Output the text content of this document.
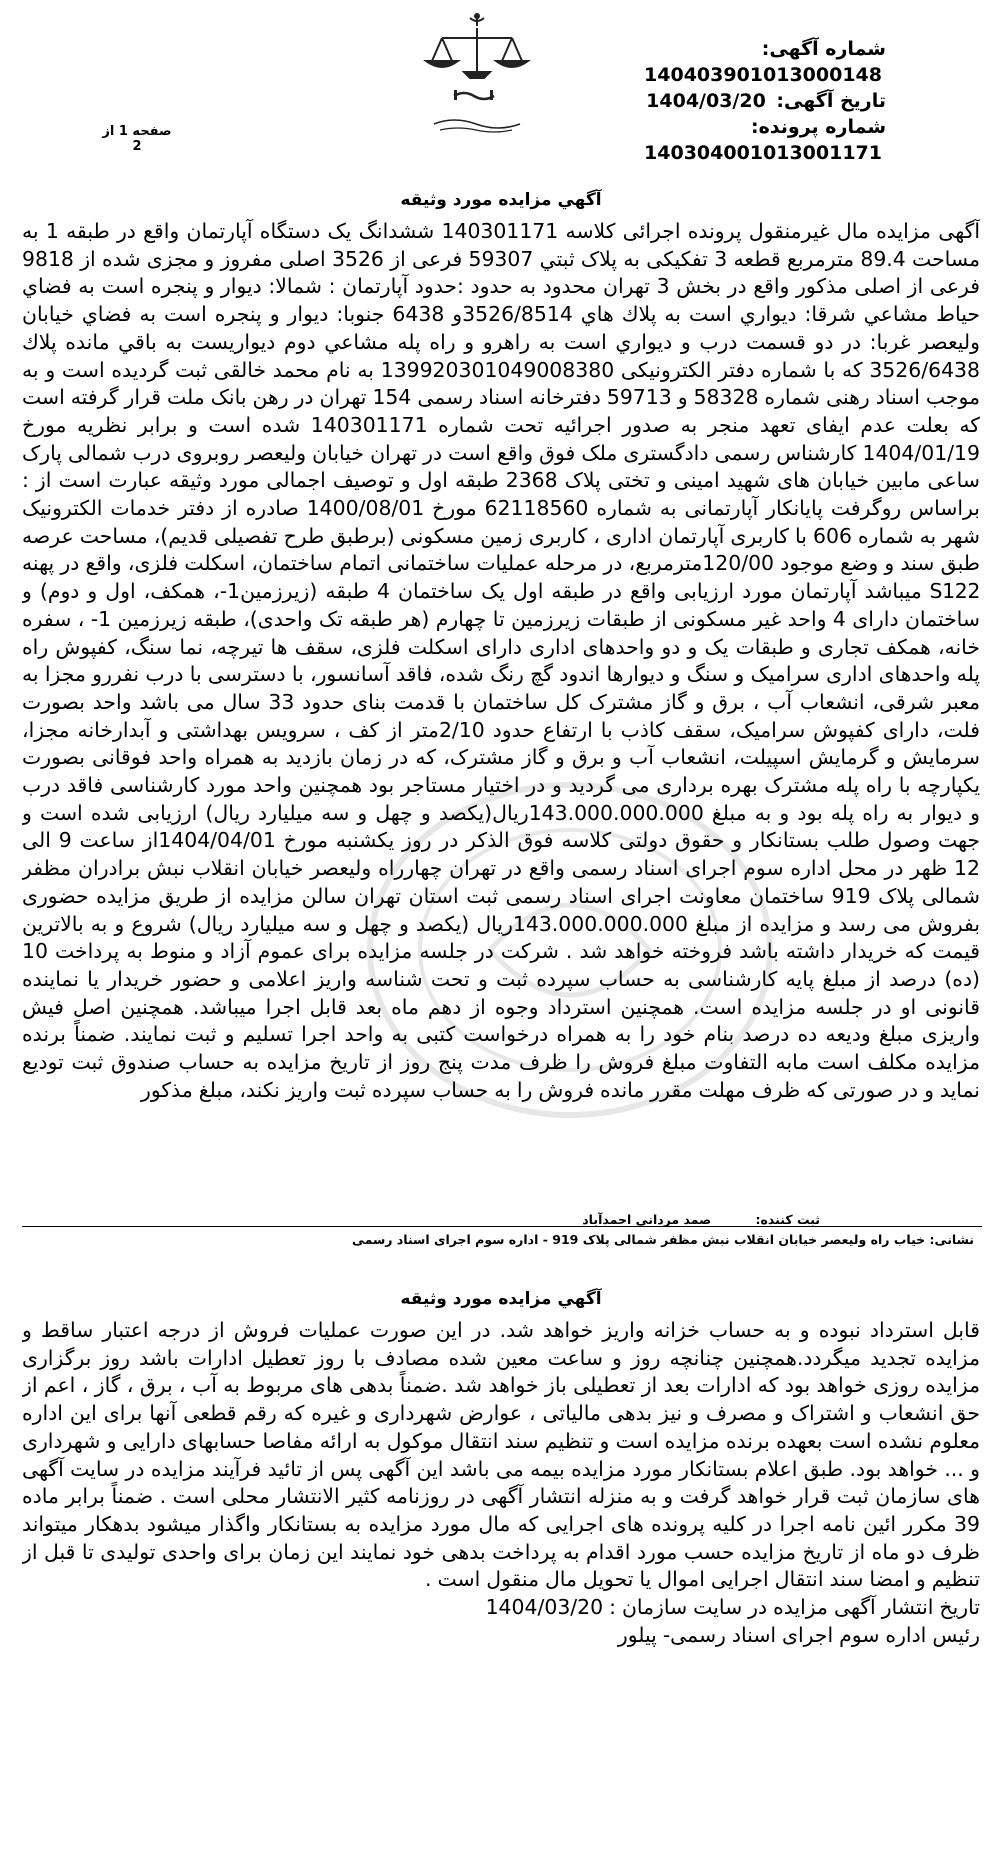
شماره آگهی: 140403901013000148
تاریخ آگهی: 1404/03/20
شماره پرونده: 140304001013001171
صفحه 1 از 2
آگهي مزايده مورد وثيقه

آگهی مزایده مال غیرمنقول پرونده اجرائی کلاسه 140301171 ششدانگ یک دستگاه آپارتمان واقع در طبقه 1 به مساحت 89.4 مترمربع قطعه 3 تفکیکی به پلاک ثبتي 59307 فرعی از 3526 اصلی مفروز و مجزی شده از 9818 فرعی از اصلی مذکور واقع در بخش 3 تهران محدود به حدود :حدود آپارتمان : شمالا: دیوار و پنجره است به فضاي حياط مشاعي شرقا: ديواري است به پلاك هاي 3526/8514و 6438 جنوبا: ديوار و پنجره است به فضاي خيابان وليعصر غربا: در دو قسمت درب و ديواري است به راهرو و راه پله مشاعي دوم ديواريست به باقي مانده پلاك 3526/6438 كه با شماره دفتر الکترونیکی 139920301049008380 به نام محمد خالقی ثبت گردیده است و به موجب اسناد رهنی شماره 58328 و 59713 دفترخانه اسناد رسمی 154 تهران در رهن بانک ملت قرار گرفته است که بعلت عدم ایفای تعهد منجر به صدور اجرائیه تحت شماره 140301171 شده است و برابر نظریه مورخ 1404/01/19 کارشناس رسمی دادگستری ملک فوق واقع است در تهران خیابان ولیعصر روبروی درب شمالی پارک ساعی مابین خیابان های شهید امینی و تختی پلاک 2368 طبقه اول و توصیف اجمالی مورد وثیقه عبارت است از : براساس روگرفت پایانکار آپارتمانی به شماره 62118560 مورخ 1400/08/01 صادره از دفتر خدمات الکترونیک شهر به شماره 606 با کاربری آپارتمان اداری ، کاربری زمین مسکونی (برطبق طرح تفصیلی قدیم)، مساحت عرصه طبق سند و وضع موجود 120/00مترمربع، در مرحله عملیات ساختمانی اتمام ساختمان، اسکلت فلزی، واقع در پهنه S122 میباشد آپارتمان مورد ارزیابی واقع در طبقه اول یک ساختمان 4 طبقه (زیرزمین1-، همکف، اول و دوم) و ساختمان دارای 4 واحد غیر مسکونی از طبقات زیرزمین تا چهارم (هر طبقه تک واحدی)، طبقه زیرزمین 1- ، سفره خانه، همکف تجاری و طبقات یک و دو واحدهای اداری دارای اسکلت فلزی، سقف ها تیرچه، نما سنگ، کفپوش راه پله واحدهای اداری سرامیک و سنگ و دیوارها اندود گچ رنگ شده، فاقد آسانسور، با دسترسی با درب نفررو مجزا به معبر شرقی، انشعاب آب ، برق و گاز مشترک کل ساختمان با قدمت بنای حدود 33 سال می باشد واحد بصورت فلت، دارای کفپوش سرامیک، سقف کاذب با ارتفاع حدود 2/10متر از کف ، سرویس بهداشتی و آبدارخانه مجزا، سرمایش و گرمایش اسپیلت، انشعاب آب و برق و گاز مشترک، که در زمان بازدید به همراه واحد فوقانی بصورت یکپارچه با راه پله مشترک بهره برداری می گردید و در اختیار مستاجر بود همچنین واحد مورد کارشناسی فاقد درب و دیوار به راه پله بود و به مبلغ 143.000.000.000ریال(یکصد و چهل و سه میلیارد ریال) ارزیابی شده است و جهت وصول طلب بستانکار و حقوق دولتی کلاسه فوق الذکر در روز یکشنبه مورخ 1404/04/01از ساعت 9 الی 12 ظهر در محل اداره سوم اجرای اسناد رسمی واقع در تهران چهارراه ولیعصر خیابان انقلاب نبش برادران مظفر شمالی پلاک 919 ساختمان معاونت اجرای اسناد رسمی ثبت استان تهران سالن مزایده از طریق مزایده حضوری بفروش می رسد و مزایده از مبلغ 143.000.000.000ریال (یکصد و چهل و سه میلیارد ریال) شروع و به بالاترین قیمت که خریدار داشته باشد فروخته خواهد شد . شرکت در جلسه مزایده برای عموم آزاد و منوط به پرداخت 10 (ده) درصد از مبلغ پایه کارشناسی به حساب سپرده ثبت و تحت شناسه واریز اعلامی و حضور خریدار یا نماینده قانونی او در جلسه مزایده است. همچنین استرداد وجوه از دهم ماه بعد قابل اجرا میباشد. همچنین اصل فیش واریزی مبلغ ودیعه ده درصد بنام خود را به همراه درخواست کتبی به واحد اجرا تسلیم و ثبت نمایند. ضمناً برنده مزایده مکلف است مابه التفاوت مبلغ فروش را ظرف مدت پنج روز از تاریخ مزایده به حساب صندوق ثبت تودیع نماید و در صورتی که ظرف مهلت مقرر مانده فروش را به حساب سپرده ثبت واریز نکند، مبلغ مذکور

ثبت کننده: صمد مردانی احمدآباد
نشانی: خیاب راه ولیعصر خیابان انقلاب نبش مظفر شمالی پلاک 919 - اداره سوم اجرای اسناد رسمی
آگهي مزايده مورد وثيقه

قابل استرداد نبوده و به حساب خزانه واریز خواهد شد. در این صورت عملیات فروش از درجه اعتبار ساقط و مزایده تجدید میگردد.همچنین چنانچه روز و ساعت معین شده مصادف با روز تعطیل ادارات باشد روز برگزاری مزایده روزی خواهد بود که ادارات بعد از تعطیلی باز خواهد شد .ضمناً بدهی های مربوط به آب ، برق ، گاز ، اعم از حق انشعاب و اشتراک و مصرف و نیز بدهی مالیاتی ، عوارض شهرداری و غیره که رقم قطعی آنها برای این اداره معلوم نشده است بعهده برنده مزایده است و تنظیم سند انتقال موکول به ارائه مفاصا حسابهای دارایی و شهرداری و ... خواهد بود. طبق اعلام بستانکار مورد مزایده بیمه می باشد این آگهی پس از تائید فرآیند مزایده در سایت آگهی های سازمان ثبت قرار خواهد گرفت و به منزله انتشار آگهی در روزنامه کثیر الانتشار محلی است . ضمناً برابر ماده 39 مکرر ائین نامه اجرا در کلیه پرونده های اجرایی که مال مورد مزایده به بستانکار واگذار میشود بدهکار میتواند ظرف دو ماه از تاریخ مزایده حسب مورد اقدام به پرداخت بدهی خود نمایند این زمان برای واحدی تولیدی تا قبل از تنظیم و امضا سند انتقال اجرایی اموال یا تحویل مال منقول است .

تاریخ انتشار آگهی مزایده در سایت سازمان : 1404/03/20

رئیس اداره سوم اجرای اسناد رسمی- پیلور
